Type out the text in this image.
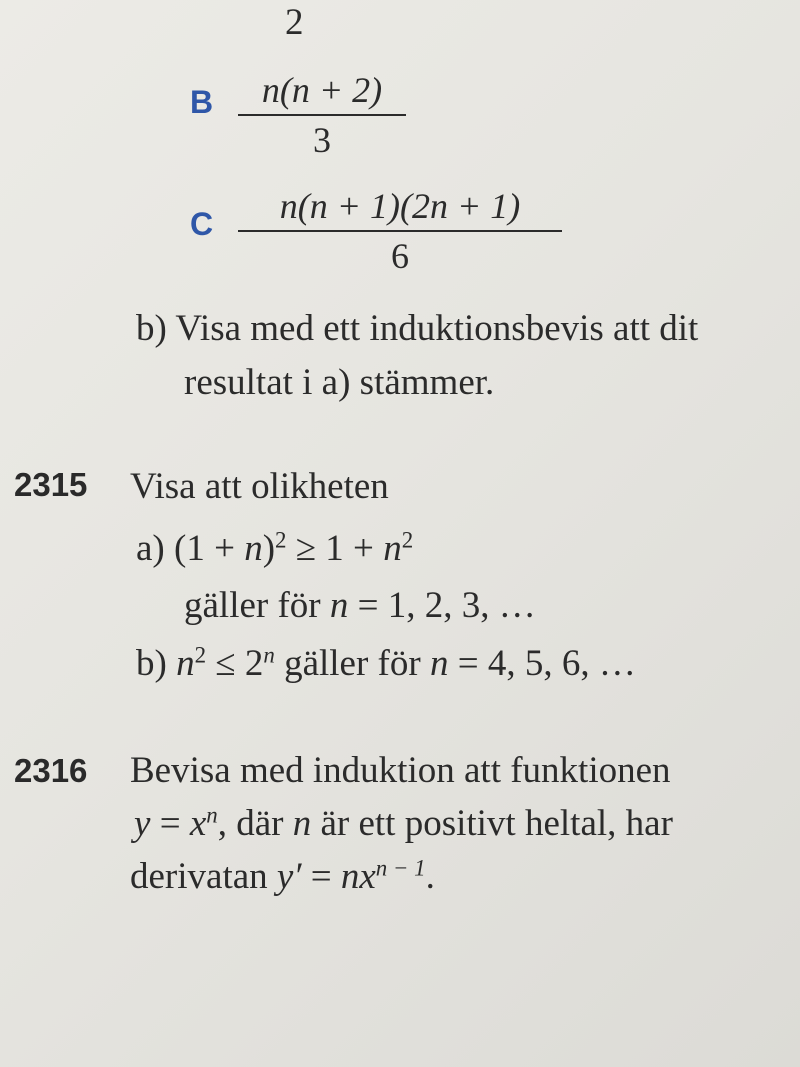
2
B	n(n + 2)
3
C	n(n + 1)(2n + 1)
6
b) Visa med ett induktionsbevis att dit
resultat i a) stämmer.
2315 Visa att olikheten
a) $(1 + n)^2 \ge 1 + n^2$
gäller för n = 1, 2, 3, …
b) $n^2 \le 2^n$ gäller för n = 4, 5, 6, …
2316 Bevisa med induktion att funktionen
$y = x^n$, där n är ett positivt heltal, har
derivatan $y' = nx^{n - 1}$.
